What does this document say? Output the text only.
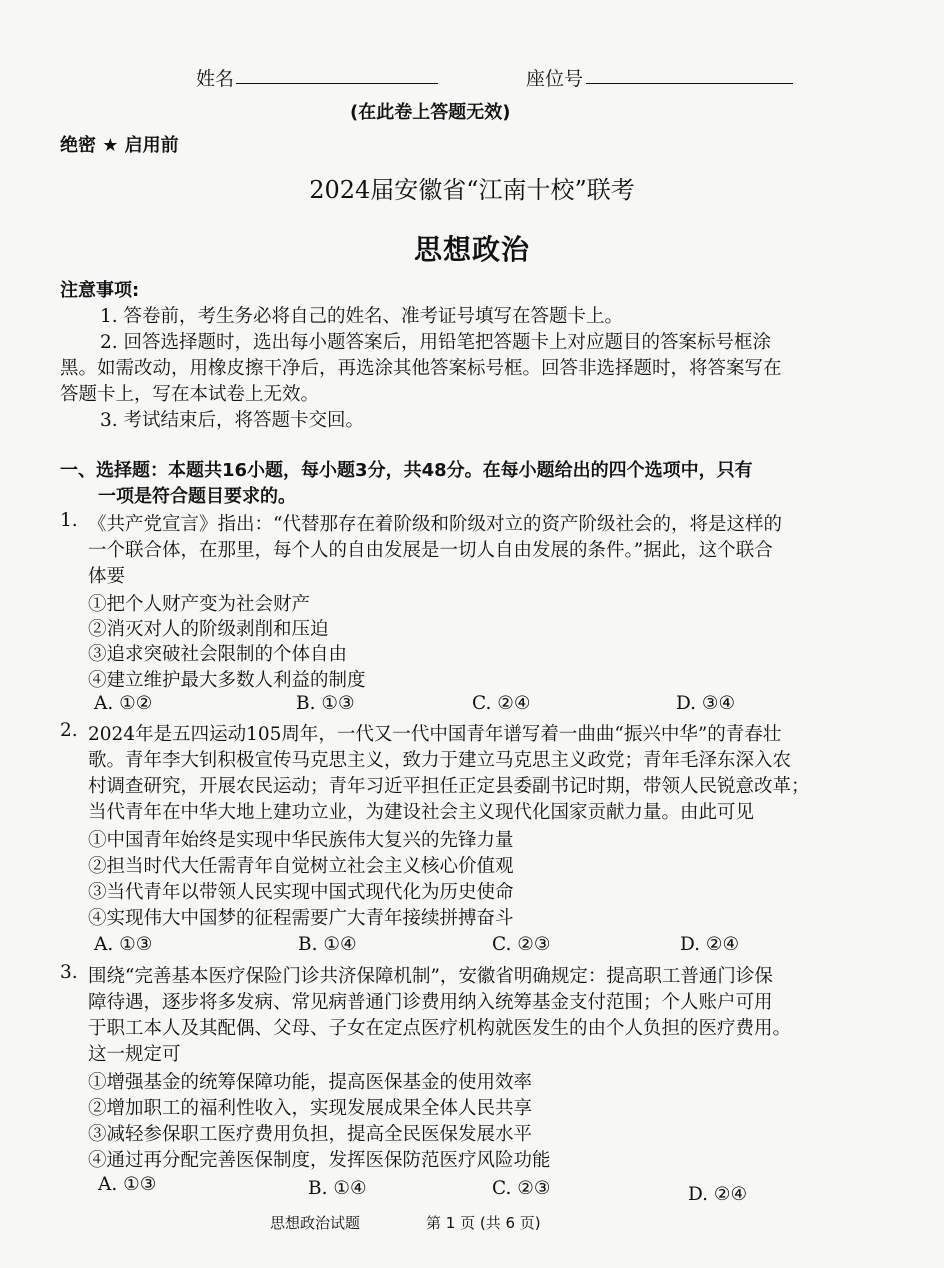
姓名	座位号
(在此卷上答题无效)
绝密 ★ 启用前
2024届安徽省“江南十校”联考
思想政治
注意事项:
1. 答卷前，考生务必将自己的姓名、准考证号填写在答题卡上。
2. 回答选择题时，选出每小题答案后，用铅笔把答题卡上对应题目的答案标号框涂
黑。如需改动，用橡皮擦干净后，再选涂其他答案标号框。回答非选择题时，将答案写在
答题卡上，写在本试卷上无效。
3. 考试结束后，将答题卡交回。
一、选择题：本题共16小题，每小题3分，共48分。在每小题给出的四个选项中，只有
一项是符合题目要求的。
1. 《共产党宣言》指出：“代替那存在着阶级和阶级对立的资产阶级社会的，将是这样的
一个联合体，在那里，每个人的自由发展是一切人自由发展的条件。”据此，这个联合
体要
①把个人财产变为社会财产
②消灭对人的阶级剥削和压迫
③追求突破社会限制的个体自由
④建立维护最大多数人利益的制度
A. ①②	B. ①③	C. ②④	D. ③④
2. 2024年是五四运动105周年，一代又一代中国青年谱写着一曲曲“振兴中华”的青春壮
歌。青年李大钊积极宣传马克思主义，致力于建立马克思主义政党；青年毛泽东深入农
村调查研究，开展农民运动；青年习近平担任正定县委副书记时期，带领人民锐意改革；
当代青年在中华大地上建功立业，为建设社会主义现代化国家贡献力量。由此可见
①中国青年始终是实现中华民族伟大复兴的先锋力量
②担当时代大任需青年自觉树立社会主义核心价值观
③当代青年以带领人民实现中国式现代化为历史使命
④实现伟大中国梦的征程需要广大青年接续拼搏奋斗
A. ①③	B. ①④	C. ②③	D. ②④
3. 围绕“完善基本医疗保险门诊共济保障机制”，安徽省明确规定：提高职工普通门诊保
障待遇，逐步将多发病、常见病普通门诊费用纳入统筹基金支付范围；个人账户可用
于职工本人及其配偶、父母、子女在定点医疗机构就医发生的由个人负担的医疗费用。
这一规定可
①增强基金的统筹保障功能，提高医保基金的使用效率
②增加职工的福利性收入，实现发展成果全体人民共享
③减轻参保职工医疗费用负担，提高全民医保发展水平
④通过再分配完善医保制度，发挥医保防范医疗风险功能
A. ①③	B. ①④	C. ②③	D. ②④
思想政治试题	第 1 页 (共 6 页)
